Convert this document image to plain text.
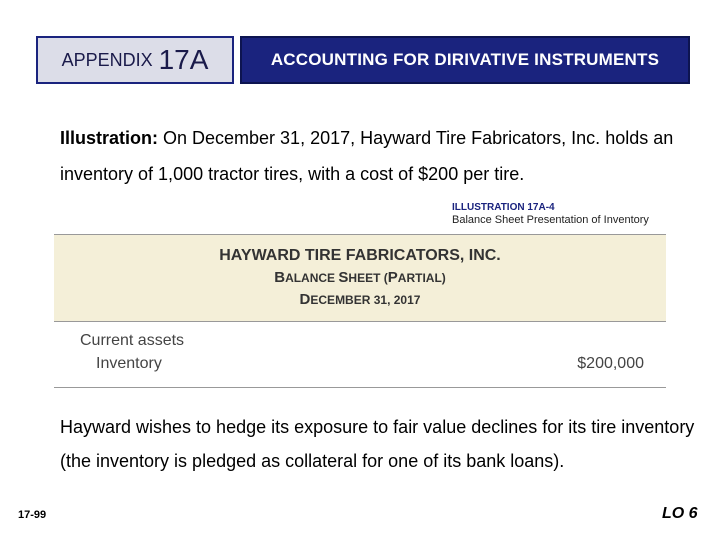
APPENDIX 17A	ACCOUNTING FOR DIRIVATIVE INSTRUMENTS
Illustration: On December 31, 2017, Hayward Tire Fabricators, Inc. holds an inventory of 1,000 tractor tires, with a cost of $200 per tire.
ILLUSTRATION 17A-4
Balance Sheet Presentation of Inventory
HAYWARD TIRE FABRICATORS, INC.
BALANCE SHEET (PARTIAL)
DECEMBER 31, 2017
Current assets
Inventory	$200,000
Hayward wishes to hedge its exposure to fair value declines for its tire inventory (the inventory is pledged as collateral for one of its bank loans).
17-99	LO 6
